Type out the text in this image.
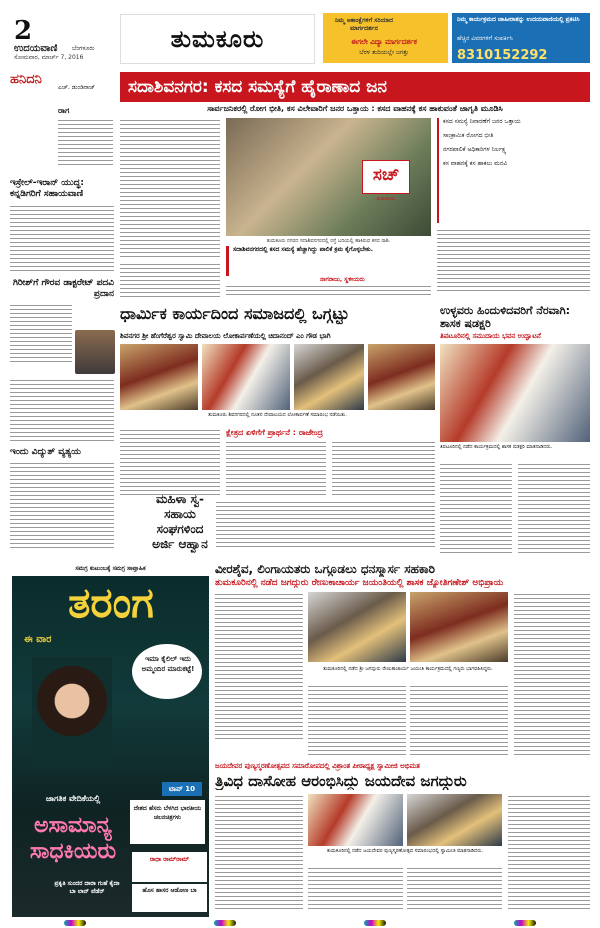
2
ಉದಯವಾಣಿ ಬೆಂಗಳೂರು
ಸೋಮವಾರ, ಮಾರ್ಚ್ 7, 2016
ತುಮಕೂರು
ನಿಮ್ಮ ಆಕಾಂಕ್ಷೆಗಳಿಗೆ ಸರಿಯಾದ ಮಾರ್ಗದರ್ಶನ
ಈಗಲೇ ವಿದ್ಯಾ ಮಾರ್ಗದರ್ಶಕ
ಬೆರಳ ತುದಿಯಲ್ಲೇ ಜಗತ್ತು
ನಿಮ್ಮ ಕಾರ್ಯಕ್ರಮದ ಜಾಹೀರಾತನ್ನು ಉದಯವಾಣಿಯಲ್ಲಿ ಪ್ರಕಟಿಸಿ
ಹೆಚ್ಚಿನ ವಿವರಗಳಿಗೆ ಸಂಪರ್ಕಿಸಿ
8310152292
ಹನಿದನಿ
ಎಚ್. ಡುಂಡಿರಾಜ್
ರಾಗ
ಇಸ್ರೇಲ್-ಇರಾನ್ ಯುದ್ಧ: ಕನ್ನಡಿಗರಿಗೆ ಸಹಾಯವಾಣಿ
ಗಿರೀಶ್‌ಗೆ ಗೌರವ ಡಾಕ್ಟರೇಟ್ ಪದವಿ ಪ್ರದಾನ
ಇಂದು ವಿದ್ಯುತ್ ವ್ಯತ್ಯಯ
ಸದಾಶಿವನಗರ: ಕಸದ ಸಮಸ್ಯೆಗೆ ಹೈರಾಣಾದ ಜನ
ಸಾರ್ವಜನಿಕರಲ್ಲಿ ರೋಗ ಭೀತಿ, ಕಸ ವಿಲೇವಾರಿಗೆ ಜನರ ಒತ್ತಾಯ : ಕಸದ ವಾಹನಕ್ಕೆ ಕಸ ಹಾಕುವಂತೆ ಜಾಗೃತಿ ಮೂಡಿಸಿ
ಸಚ್
ತುಮಕೂರು
ತುಮಕೂರು ನಗರದ ಸದಾಶಿವನಗರದಲ್ಲಿ ರಸ್ತೆ ಬದಿಯಲ್ಲಿ ಹಾಕಿರುವ ಕಸದ ರಾಶಿ.
ಕಸದ ಸಮಸ್ಯೆ ನಿವಾರಣೆಗೆ ಜನರ ಒತ್ತಾಯ
ಸಾಂಕ್ರಾಮಿಕ ರೋಗದ ಭೀತಿ
ನಗರಪಾಲಿಕೆ ಅಧಿಕಾರಿಗಳ ನಿರ್ಲಕ್ಷ್ಯ
ಕಸ ವಾಹನಕ್ಕೆ ಕಸ ಹಾಕಲು ಮನವಿ
ಸದಾಶಿವನಗರದಲ್ಲಿ ಕಸದ ಸಮಸ್ಯೆ ಹೆಚ್ಚಾಗಿದ್ದು ಪಾಲಿಕೆ ಕ್ರಮ ಕೈಗೊಳ್ಳಬೇಕು.
ನಾಗರಾಜು, ಸ್ಥಳೀಯರು
ಧಾರ್ಮಿಕ ಕಾರ್ಯದಿಂದ ಸಮಾಜದಲ್ಲಿ ಒಗ್ಗಟ್ಟು
ಶಿವನಗರ ಶ್ರೀ ಹೆಂಗೆರೆಶ್ವರ ಸ್ವಾಮಿ ದೇವಾಲಯ ಲೋಕಾರ್ಪಣೆಯಲ್ಲಿ ಚಿದಾನಂದ್ ಎಂ ಗೌಡ ಭಾಗಿ
ತುಮಕೂರು ಶಿವನಗರದಲ್ಲಿ ನೂತನ ದೇವಾಲಯದ ಲೋಕಾರ್ಪಣೆ ಸಮಾರಂಭ ನಡೆಯಿತು.
ಕ್ಷೇತ್ರದ ಏಳಿಗೆಗೆ ಪ್ರಾರ್ಥನೆ : ರಾಜೇಂದ್ರ
ಮಹಿಳಾ ಸ್ವ-ಸಹಾಯ ಸಂಘಗಳಿಂದ ಅರ್ಜಿ ಆಹ್ವಾನ
ಉಳ್ಳವರು ಹಿಂದುಳಿದವರಿಗೆ ನೆರವಾಗಿ: ಶಾಸಕ ಷಡಕ್ಷರಿ
ತಿಪಟೂರಿನಲ್ಲಿ ಸಮುದಾಯ ಭವನ ಉದ್ಘಾಟನೆ
ತಿಪಟೂರಿನಲ್ಲಿ ನಡೆದ ಕಾರ್ಯಕ್ರಮದಲ್ಲಿ ಶಾಸಕ ಷಡಕ್ಷರಿ ಮಾತನಾಡಿದರು.
ಸಮಗ್ರ ಕುಟುಂಬಕ್ಕೆ ಸಮಗ್ರ ಸಾಪ್ತಾಹಿಕ
ತರಂಗ
ಈ ವಾರ
ಇಮಾ ಕೈಲಿಲ್ ಇದು ಅಮ್ಮಂದಿರ ಮಾರುಕಟ್ಟೆ!
ಟಾಪ್ 10
ದೇಶದ ಹೆಸರು ಬೆಳಗಿದ ಭಾರತೀಯ ಚಲನಚಿತ್ರಗಳು
ಜಾಗತಿಕ ವೇದಿಕೆಯಲ್ಲಿ
ಅಸಾಮಾನ್ಯ ಸಾಧಕಿಯರು	ರಾಧಾ ರಾಮ್‌ರಾಮ್
ಹೊಸ ಹಾಸರ ಆಡೋಣ ಬಾ
ಪ್ರಕೃತಿ ಸುಂದರ ದಾರಾ ಗುಹೆ ಕೈದಾ ಬಾ ಲಾನ್ ವೆಡೆನ್
ವೀರಶೈವ, ಲಿಂಗಾಯತರು ಒಗ್ಗೂಡಲು ಧನಸ್ಮಾರ್ಸ ಸಹಕಾರಿ
ತುಮಕೂರಿನಲ್ಲಿ ನಡೆದ ಜಗದ್ಗುರು ರೇಣುಕಾಚಾರ್ಯ ಜಯಂತಿಯಲ್ಲಿ ಶಾಸಕ ಜ್ಯೋತಿಗಣೇಶ್ ಅಭಿಪ್ರಾಯ
ತುಮಕೂರಿನಲ್ಲಿ ನಡೆದ ಶ್ರೀ ಜಗದ್ಗುರು ರೇಣುಕಾಚಾರ್ಯ ಜಯಂತಿ ಕಾರ್ಯಕ್ರಮದಲ್ಲಿ ಗಣ್ಯರು ಭಾಗವಹಿಸಿದ್ದರು.
ಜಯದೇವರ ಪುಣ್ಯಸ್ಮರಣೋತ್ಸವದ ಸಮಾರೋಪದಲ್ಲಿ ವಿಶ್ರಾಂತ ಪೀಠಾಧ್ಯಕ್ಷ ಸ್ವಾಮೀಜಿ ಅಭಿಮತ
ತ್ರಿವಿಧ ದಾಸೋಹ ಆರಂಭಿಸಿದ್ದು ಜಯದೇವ ಜಗದ್ಗುರು
ತುಮಕೂರಿನಲ್ಲಿ ನಡೆದ ಜಯದೇವರ ಪುಣ್ಯಸ್ಮರಣೋತ್ಸವ ಸಮಾರಂಭದಲ್ಲಿ ಸ್ವಾಮೀಜಿ ಮಾತನಾಡಿದರು.
